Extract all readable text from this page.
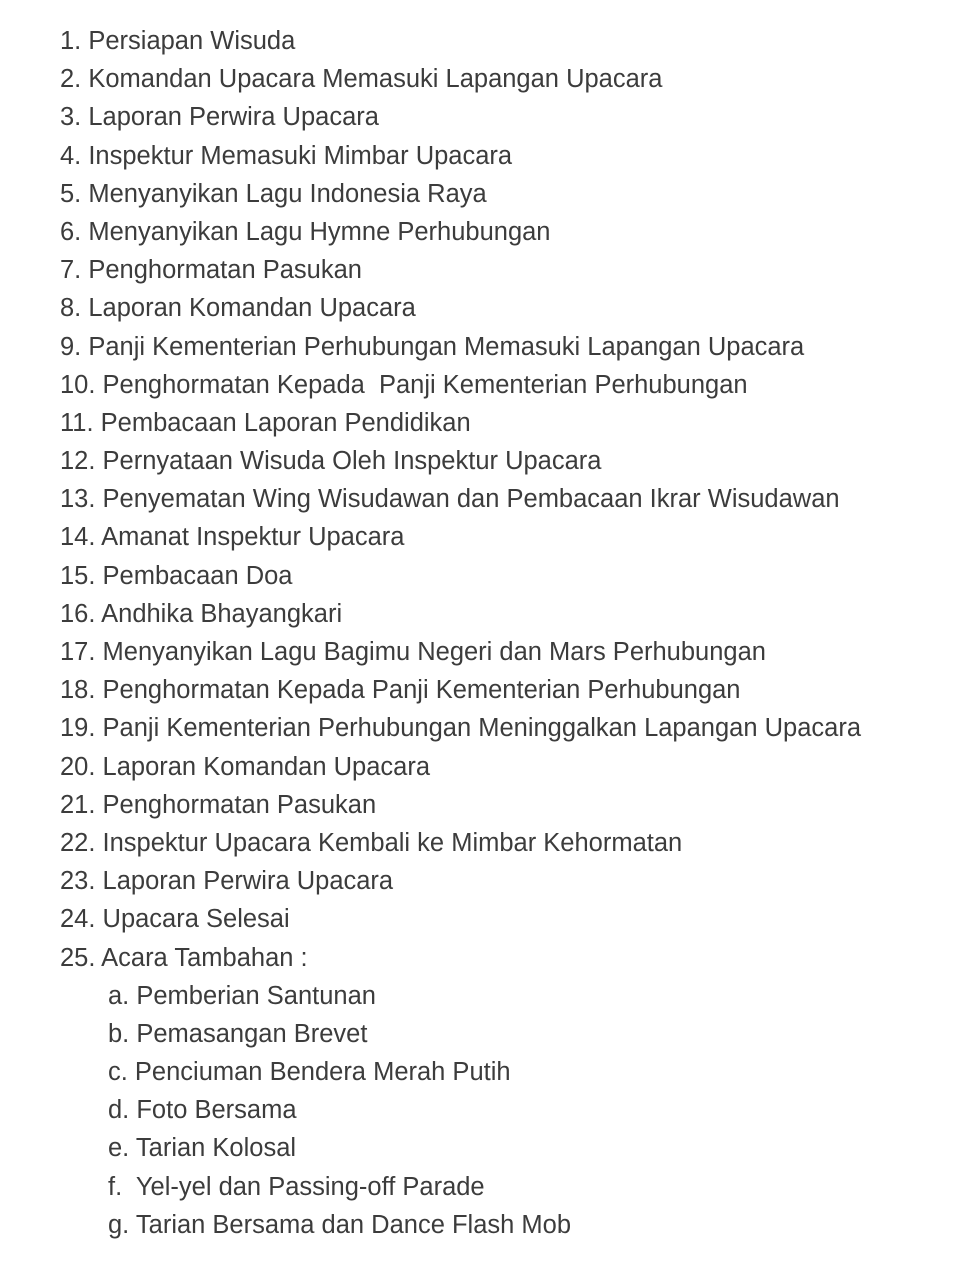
1. Persiapan Wisuda
2. Komandan Upacara Memasuki Lapangan Upacara
3. Laporan Perwira Upacara
4. Inspektur Memasuki Mimbar Upacara
5. Menyanyikan Lagu Indonesia Raya
6. Menyanyikan Lagu Hymne Perhubungan
7. Penghormatan Pasukan
8. Laporan Komandan Upacara
9. Panji Kementerian Perhubungan Memasuki Lapangan Upacara
10. Penghormatan Kepada  Panji Kementerian Perhubungan
11. Pembacaan Laporan Pendidikan
12. Pernyataan Wisuda Oleh Inspektur Upacara
13. Penyematan Wing Wisudawan dan Pembacaan Ikrar Wisudawan
14. Amanat Inspektur Upacara
15. Pembacaan Doa
16. Andhika Bhayangkari
17. Menyanyikan Lagu Bagimu Negeri dan Mars Perhubungan
18. Penghormatan Kepada Panji Kementerian Perhubungan
19. Panji Kementerian Perhubungan Meninggalkan Lapangan Upacara
20. Laporan Komandan Upacara
21. Penghormatan Pasukan
22. Inspektur Upacara Kembali ke Mimbar Kehormatan
23. Laporan Perwira Upacara
24. Upacara Selesai
25. Acara Tambahan :
a. Pemberian Santunan
b. Pemasangan Brevet
c. Penciuman Bendera Merah Putih
d. Foto Bersama
e. Tarian Kolosal
f.  Yel-yel dan Passing-off Parade
g. Tarian Bersama dan Dance Flash Mob
